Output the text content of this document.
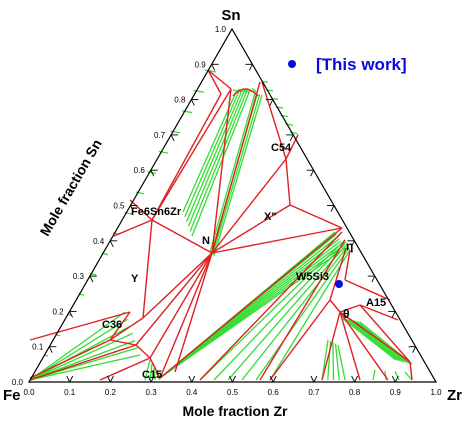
0.0
0.0
0.1
0.1
0.2
0.2
0.3
0.3
0.4
0.4
0.5
0.5
0.6
0.6
0.7
0.7
0.8
0.8
0.9
0.9
1.0
1.0
Sn
Fe	Zr
Mole fraction Zr
Mole fraction Sn
[This work]
Fe6Sn6Zr
N
Y
X"
C54
η
W5Si3
A15
θ
C36
C15
